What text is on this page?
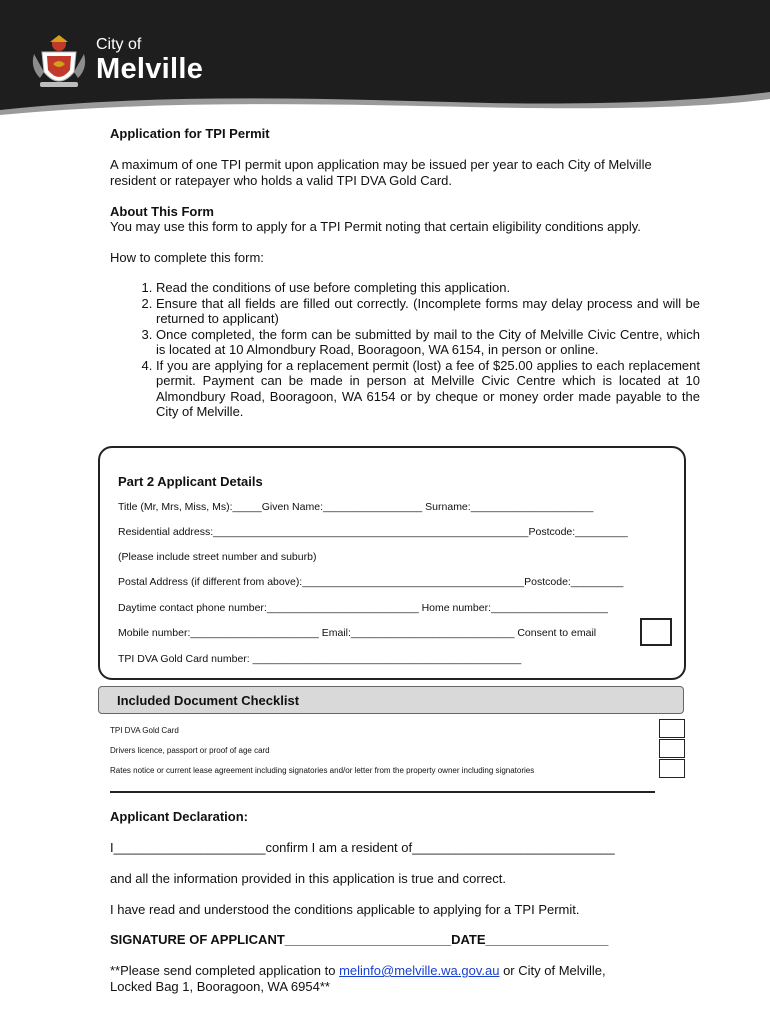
City of
Melville
Application for TPI Permit
A maximum of one TPI permit upon application may be issued per year to each City of Melville resident or ratepayer who holds a valid TPI DVA Gold Card.
About This Form
You may use this form to apply for a TPI Permit noting that certain eligibility conditions apply.
How to complete this form:
1. Read the conditions of use before completing this application.
2. Ensure that all fields are filled out correctly. (Incomplete forms may delay process and will be returned to applicant)
3. Once completed, the form can be submitted by mail to the City of Melville Civic Centre, which is located at 10 Almondbury Road, Booragoon, WA 6154, in person or online.
4. If you are applying for a replacement permit (lost) a fee of $25.00 applies to each replacement permit. Payment can be made in person at Melville Civic Centre which is located at 10 Almondbury Road, Booragoon, WA 6154 or by cheque or money order made payable to the City of Melville.
Part 2 Applicant Details
Title (Mr, Mrs, Miss, Ms):_____Given Name:_________________ Surname:_____________________
Residential address:______________________________________________________Postcode:_________
(Please include street number and suburb)
Postal Address (if different from above):______________________________________Postcode:_________
Daytime contact phone number:__________________________ Home number:____________________
Mobile number:______________________ Email:____________________________ Consent to email
TPI DVA Gold Card number: ______________________________________________
Included Document Checklist
TPI DVA Gold Card
Drivers licence, passport or proof of age card
Rates notice or current lease agreement including signatories and/or letter from the property owner including signatories
Applicant Declaration:
I_____________________confirm I am a resident of____________________________
and all the information provided in this application is true and correct.
I have read and understood the conditions applicable to applying for a TPI Permit.
SIGNATURE OF APPLICANT_______________________DATE_________________
**Please send completed application to melinfo@melville.wa.gov.au or City of Melville, Locked Bag 1, Booragoon, WA 6954**
